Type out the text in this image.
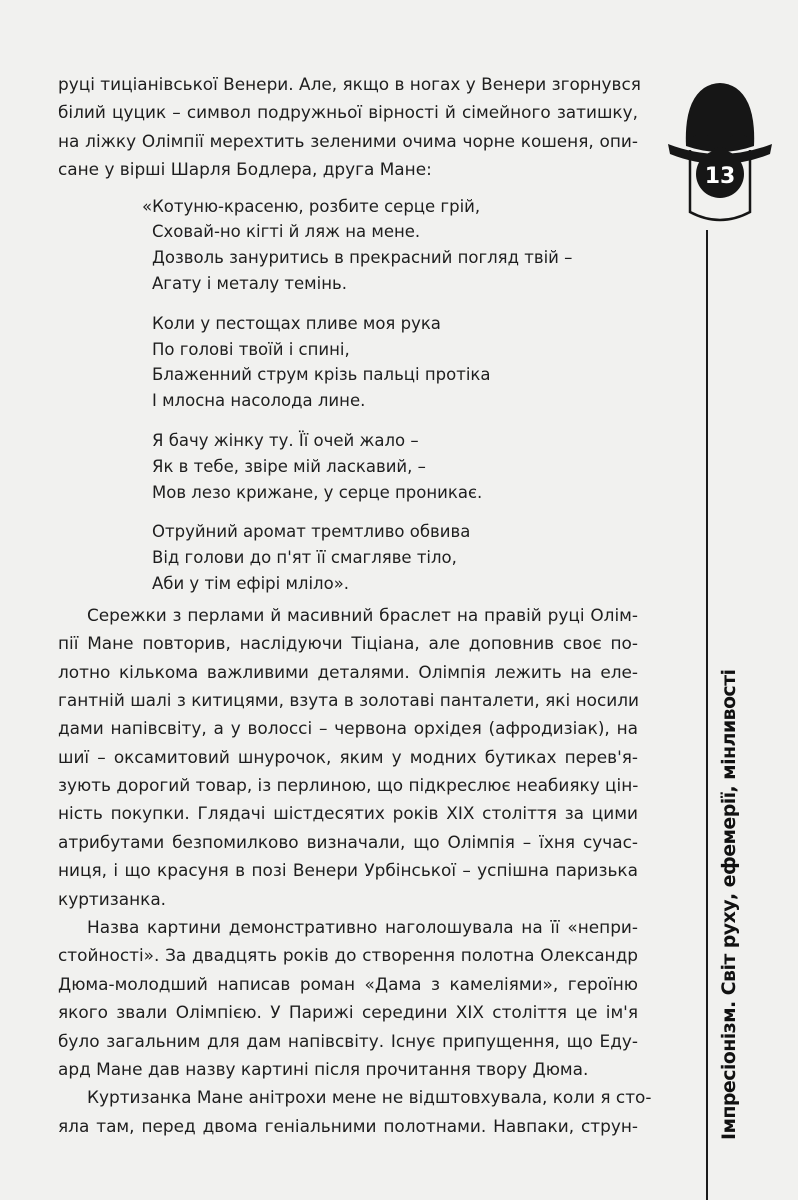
13
Імпресіонізм. Світ руху, ефемерії, мінливості
руці тиціанівської Венери. Але, якщо в ногах у Венери згорнувся
білий цуцик – символ подружньої вірності й сімейного затишку,
на ліжку Олімпії мерехтить зеленими очима чорне кошеня, опи-
сане у вірші Шарля Бодлера, друга Мане:
«Котуню-красеню, розбите серце грій,
Сховай-но кігті й ляж на мене.
Дозволь зануритись в прекрасний погляд твій –
Агату і металу темінь.
Коли у пестощах пливе моя рука
По голові твоїй і спині,
Блаженний струм крізь пальці протіка
І млосна насолода лине.
Я бачу жінку ту. Її очей жало –
Як в тебе, звіре мій ласкавий, –
Мов лезо крижане, у серце проникає.
Отруйний аромат тремтливо обвива
Від голови до п'ят її смагляве тіло,
Аби у тім ефірі мліло».
Сережки з перлами й масивний браслет на правій руці Олім-
пії Мане повторив, наслідуючи Тіціана, але доповнив своє по-
лотно кількома важливими деталями. Олімпія лежить на еле-
гантній шалі з китицями, взута в золотаві панталети, які носили
дами напівсвіту, а у волоссі – червона орхідея (афродизіак), на
шиї – оксамитовий шнурочок, яким у модних бутиках перев'я-
зують дорогий товар, із перлиною, що підкреслює неабияку цін-
ність покупки. Глядачі шістдесятих років XIX століття за цими
атрибутами безпомилково визначали, що Олімпія – їхня сучас-
ниця, і що красуня в позі Венери Урбінської – успішна паризька
куртизанка.
Назва картини демонстративно наголошувала на її «непри-
стойності». За двадцять років до створення полотна Олександр
Дюма-молодший написав роман «Дама з камеліями», героїню
якого звали Олімпією. У Парижі середини XIX століття це ім'я
було загальним для дам напівсвіту. Існує припущення, що Еду-
ард Мане дав назву картині після прочитання твору Дюма.
Куртизанка Мане анітрохи мене не відштовхувала, коли я сто-
яла там, перед двома геніальними полотнами. Навпаки, струн-
